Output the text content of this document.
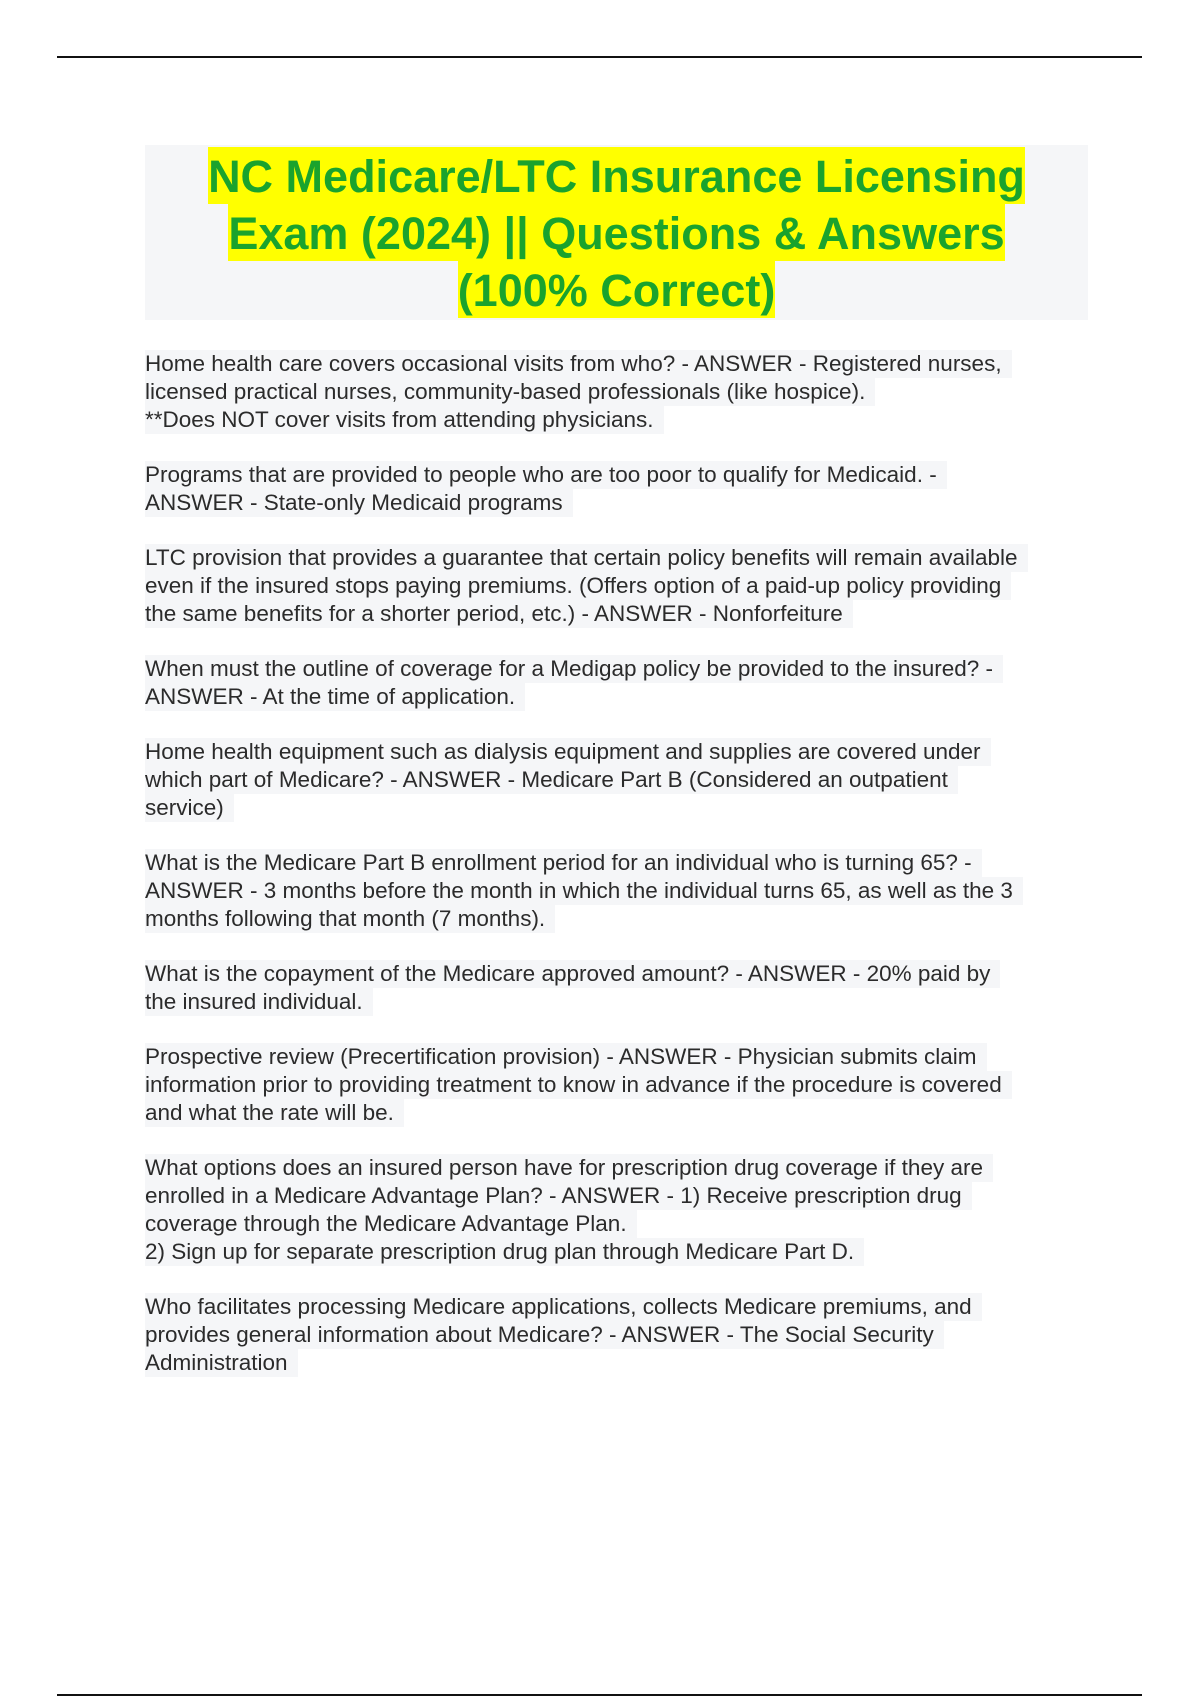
NC Medicare/LTC Insurance Licensing
Exam (2024) || Questions & Answers
(100% Correct)
Home health care covers occasional visits from who? - ANSWER - Registered nurses,
licensed practical nurses, community-based professionals (like hospice).
**Does NOT cover visits from attending physicians.
Programs that are provided to people who are too poor to qualify for Medicaid. -
ANSWER - State-only Medicaid programs
LTC provision that provides a guarantee that certain policy benefits will remain available
even if the insured stops paying premiums. (Offers option of a paid-up policy providing
the same benefits for a shorter period, etc.) - ANSWER - Nonforfeiture
When must the outline of coverage for a Medigap policy be provided to the insured? -
ANSWER - At the time of application.
Home health equipment such as dialysis equipment and supplies are covered under
which part of Medicare? - ANSWER - Medicare Part B (Considered an outpatient
service)
What is the Medicare Part B enrollment period for an individual who is turning 65? -
ANSWER - 3 months before the month in which the individual turns 65, as well as the 3
months following that month (7 months).
What is the copayment of the Medicare approved amount? - ANSWER - 20% paid by
the insured individual.
Prospective review (Precertification provision) - ANSWER - Physician submits claim
information prior to providing treatment to know in advance if the procedure is covered
and what the rate will be.
What options does an insured person have for prescription drug coverage if they are
enrolled in a Medicare Advantage Plan? - ANSWER - 1) Receive prescription drug
coverage through the Medicare Advantage Plan.
2) Sign up for separate prescription drug plan through Medicare Part D.
Who facilitates processing Medicare applications, collects Medicare premiums, and
provides general information about Medicare? - ANSWER - The Social Security
Administration
